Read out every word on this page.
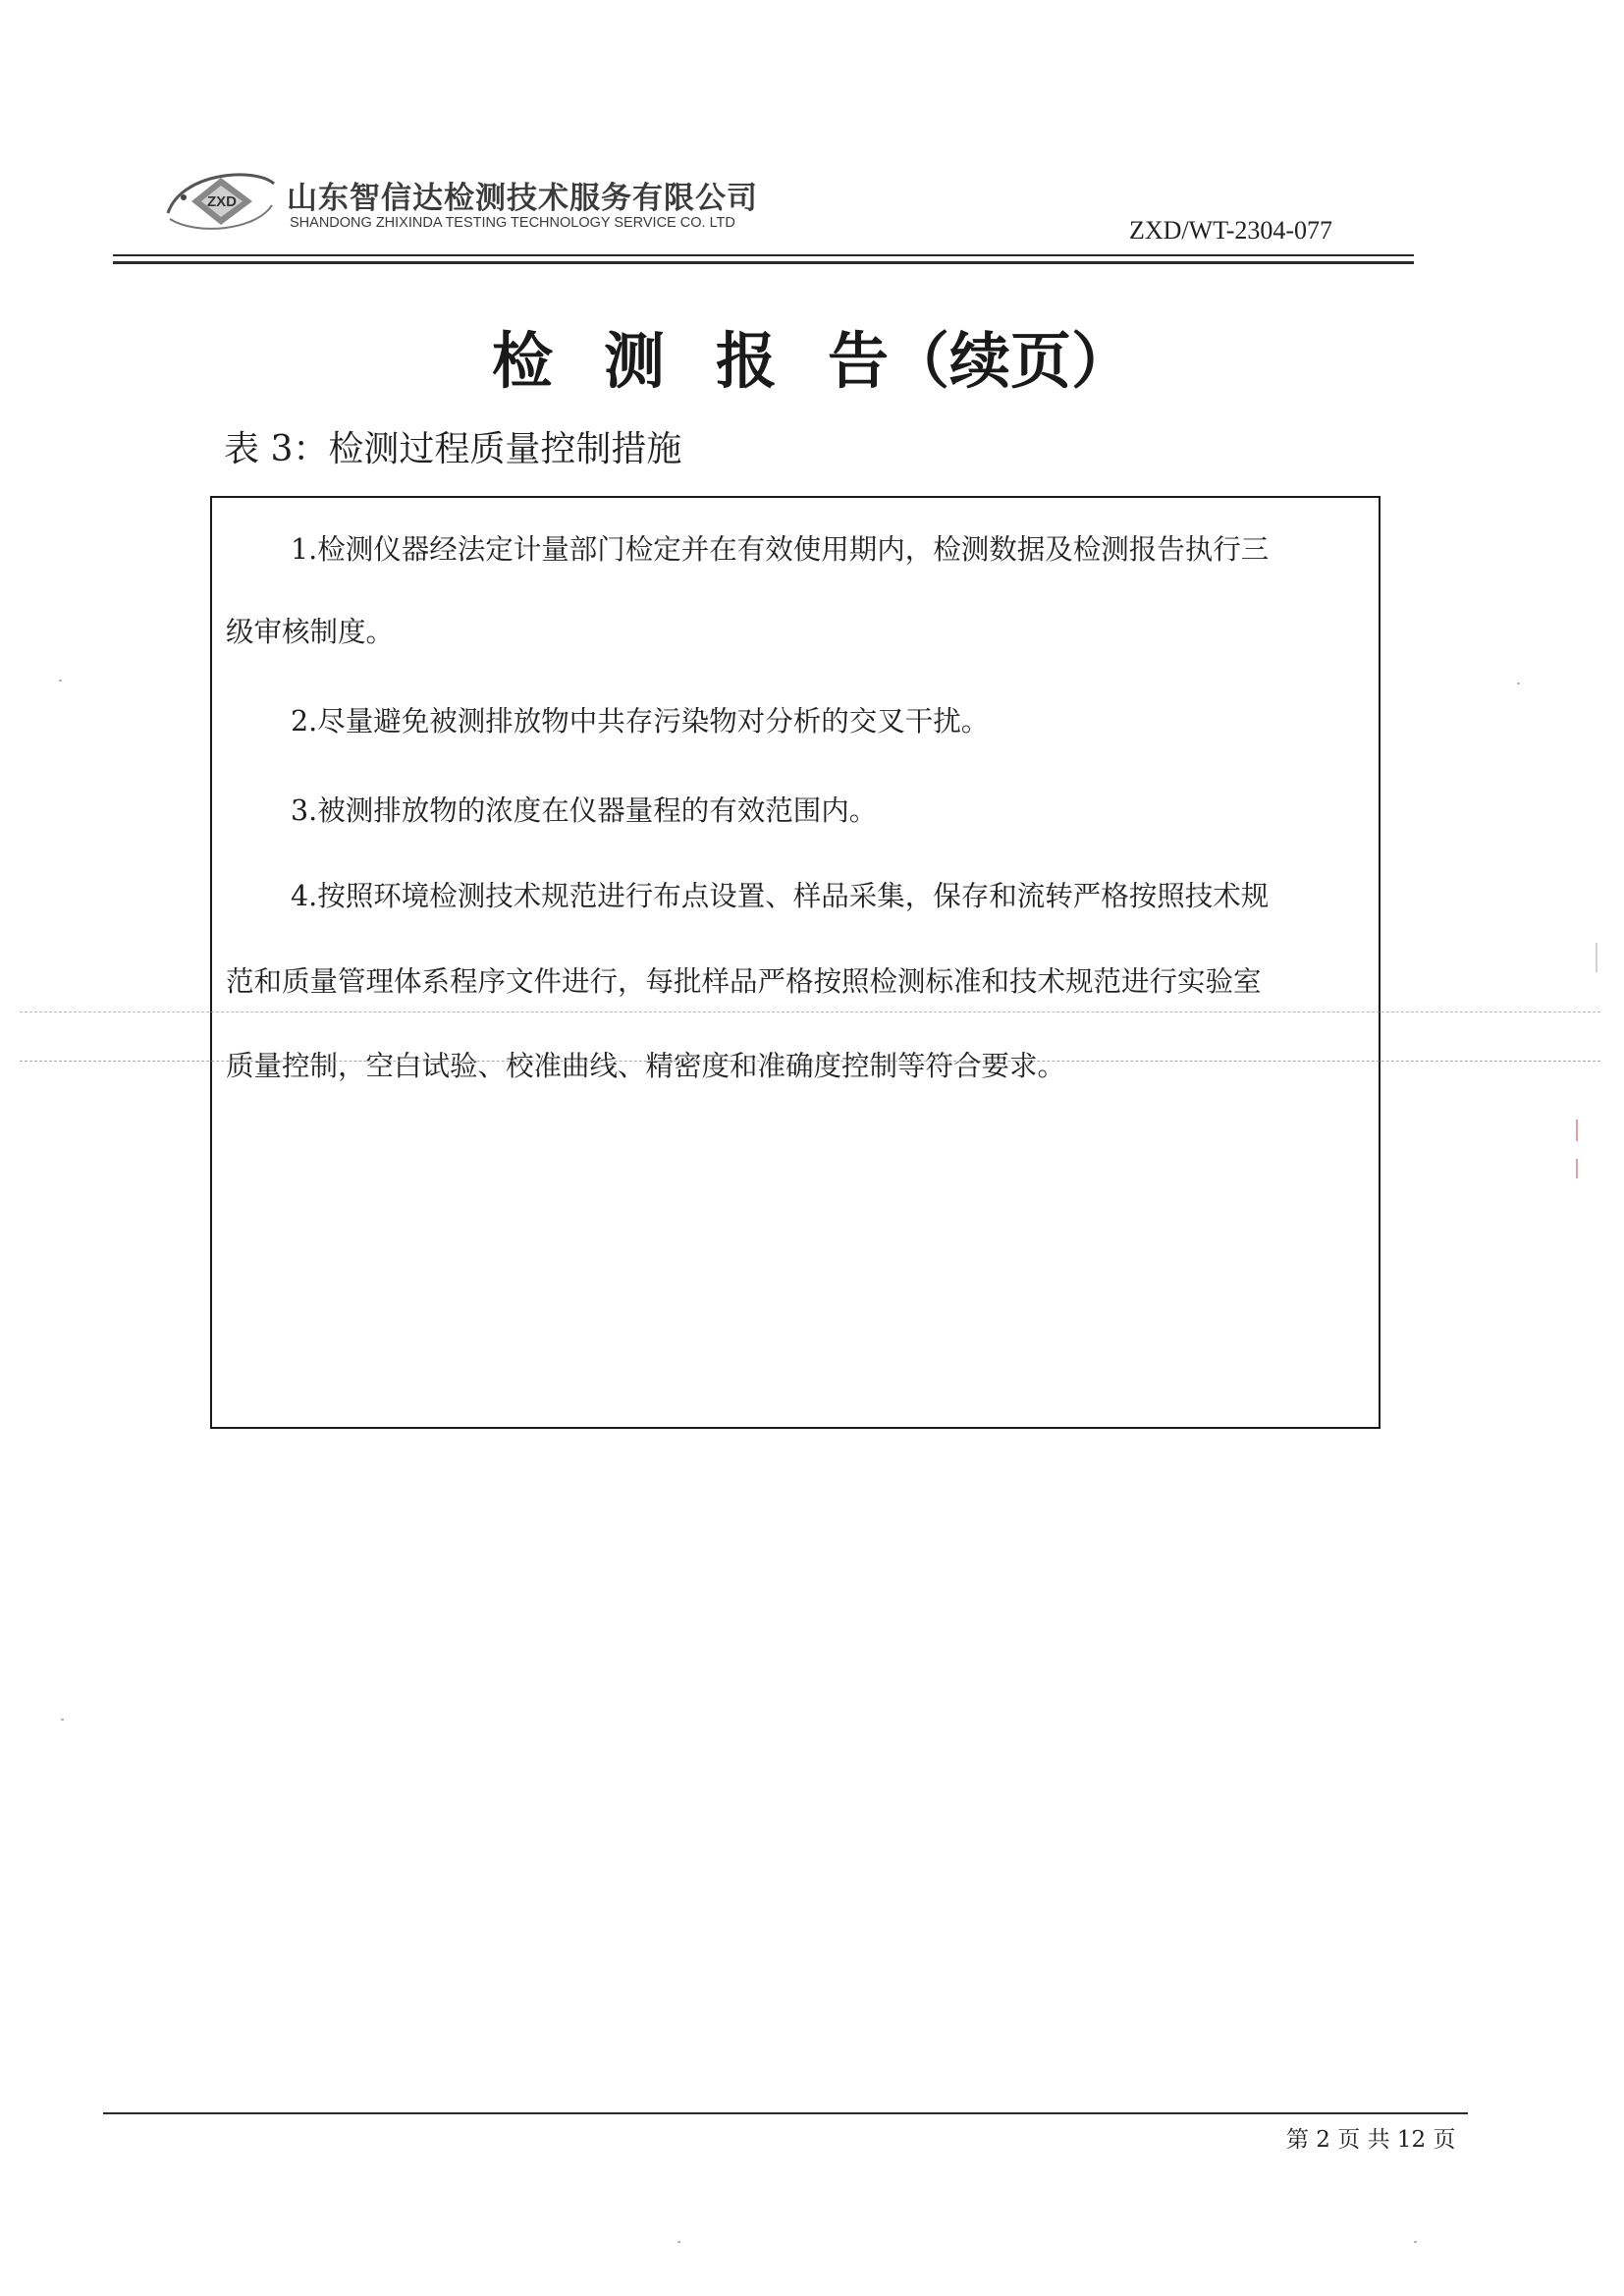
ZXD 山东智信达检测技术服务有限公司
SHANDONG ZHIXINDA TESTING TECHNOLOGY SERVICE CO. LTD	ZXD/WT-2304-077
检 测 报 告（续页）
表 3：检测过程质量控制措施
1.检测仪器经法定计量部门检定并在有效使用期内，检测数据及检测报告执行三
级审核制度。
2.尽量避免被测排放物中共存污染物对分析的交叉干扰。
3.被测排放物的浓度在仪器量程的有效范围内。
4.按照环境检测技术规范进行布点设置、样品采集，保存和流转严格按照技术规
范和质量管理体系程序文件进行，每批样品严格按照检测标准和技术规范进行实验室
质量控制，空白试验、校准曲线、精密度和准确度控制等符合要求。
第 2 页 共 12 页
